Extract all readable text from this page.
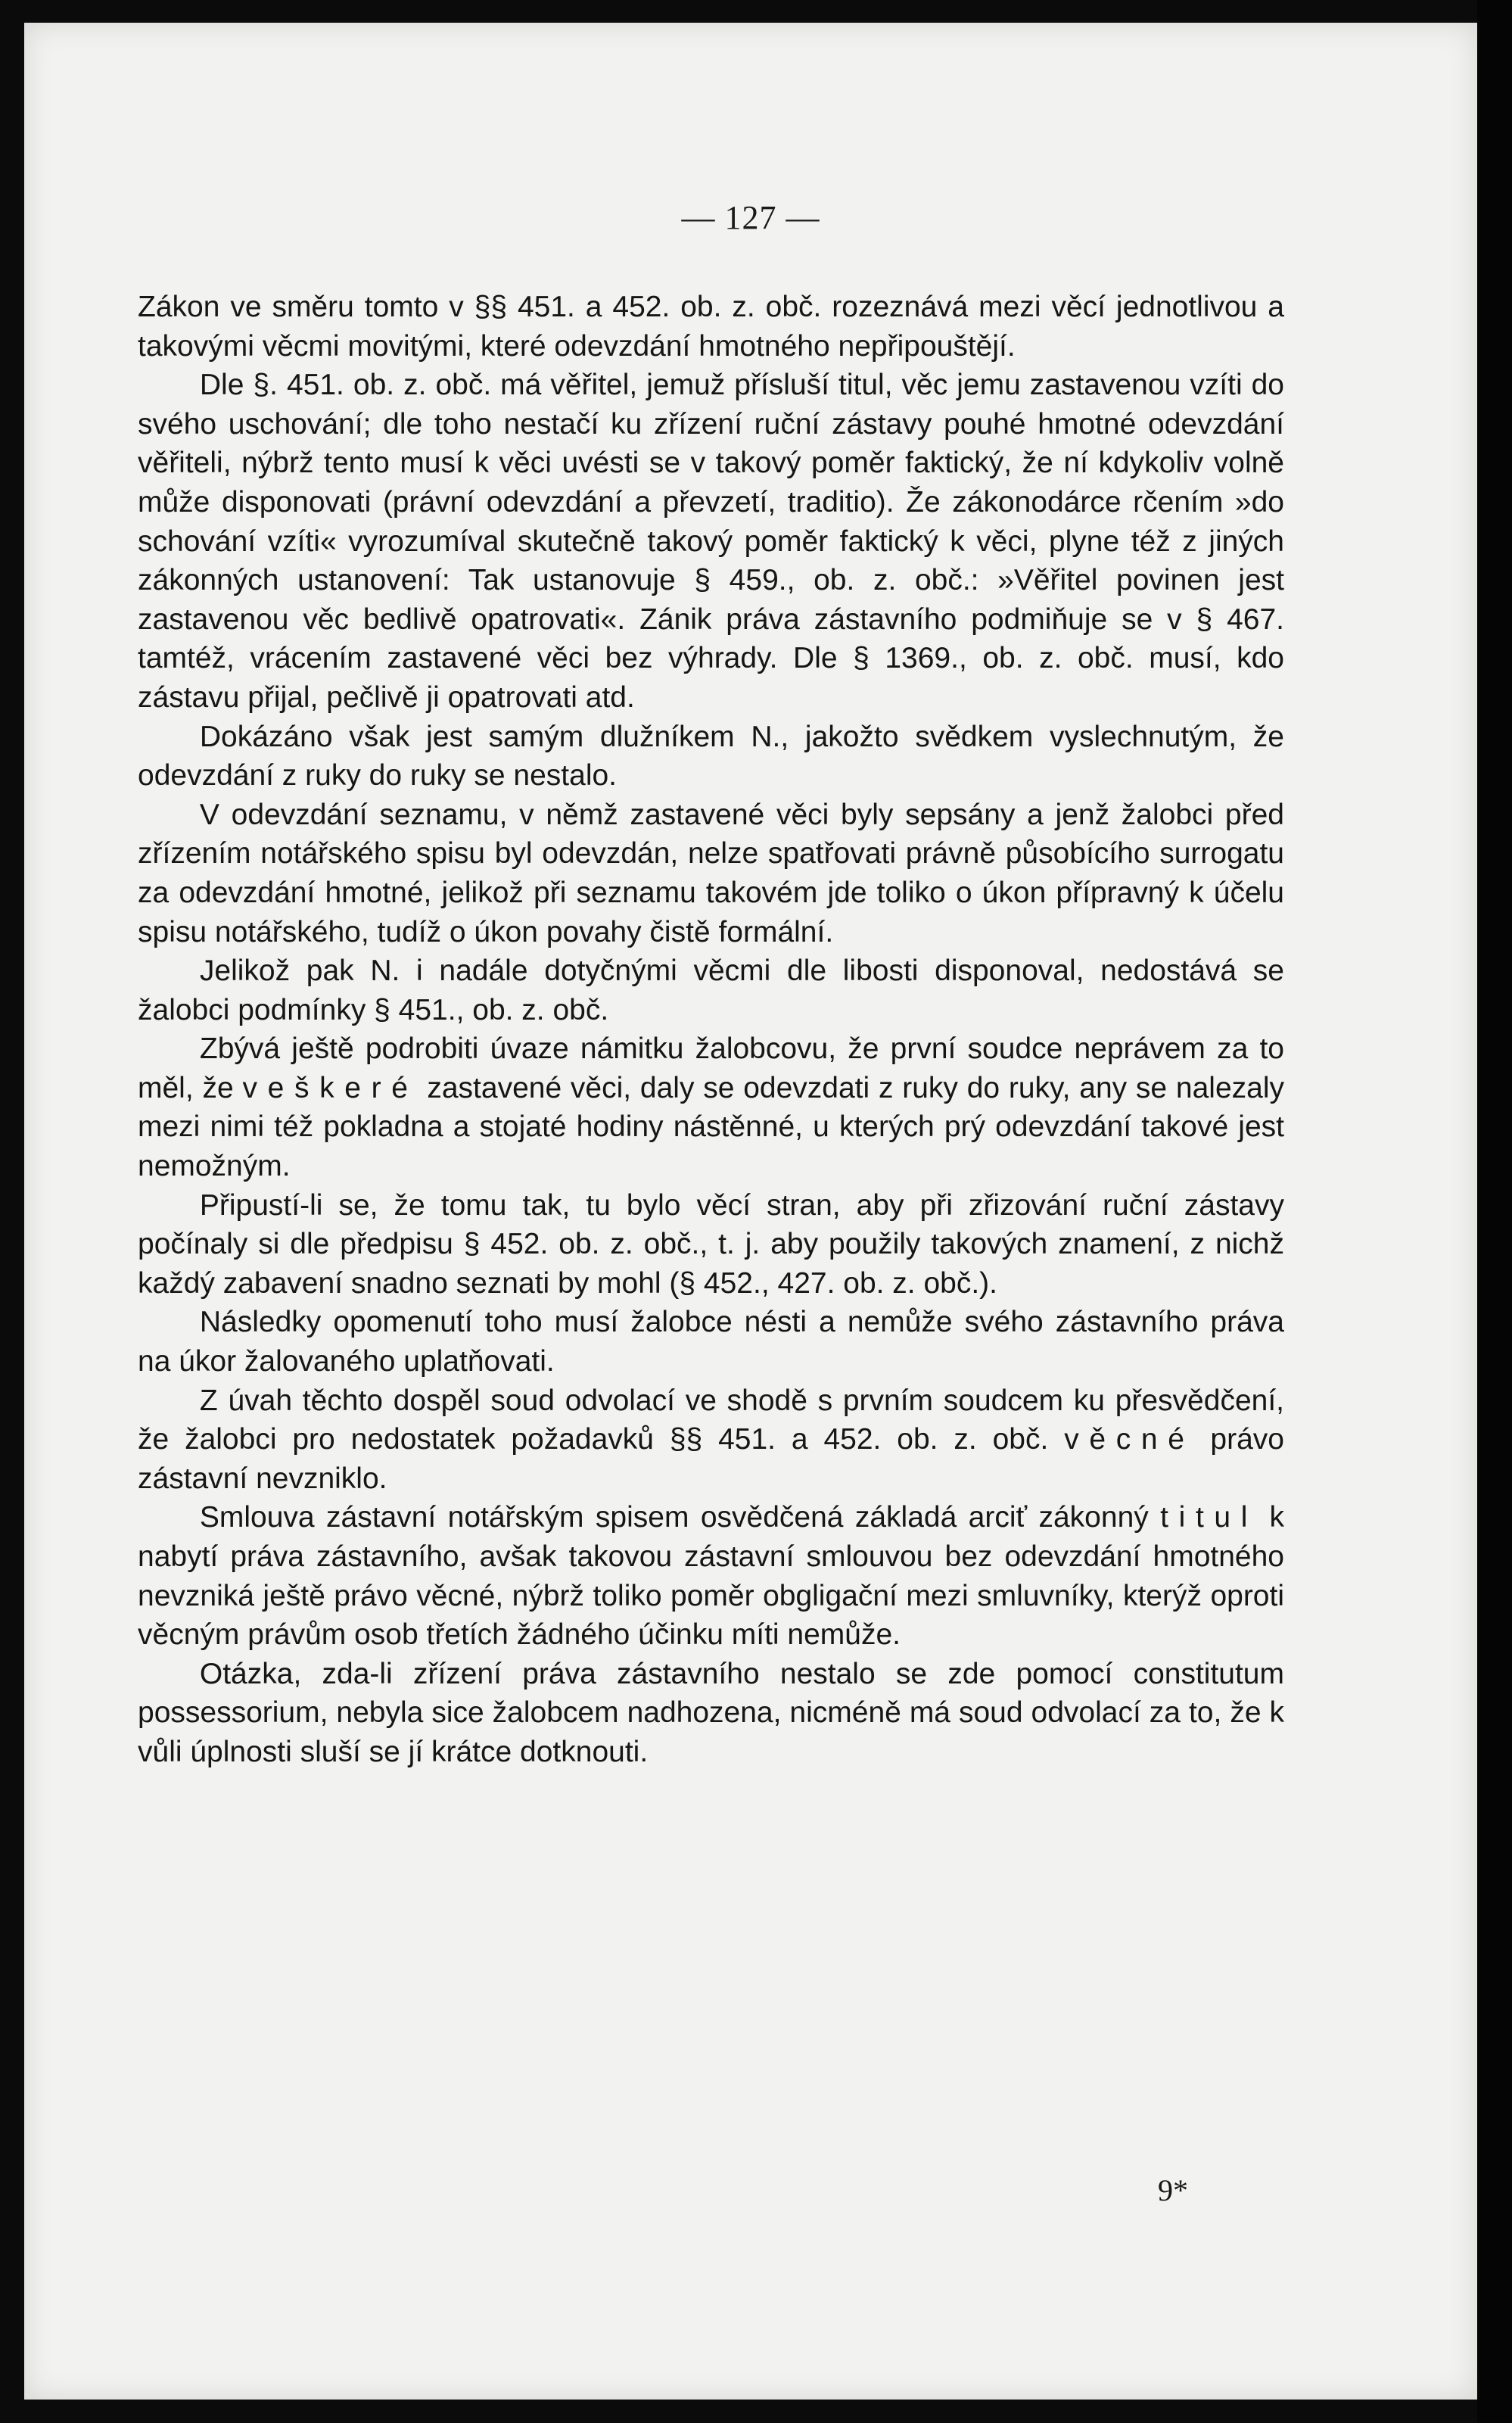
— 127 —

Zákon ve směru tomto v §§ 451. a 452. ob. z. obč. rozeznává mezi věcí jednotlivou a takovými věcmi movitými, které odevzdání hmotného nepřipouštějí.

Dle §. 451. ob. z. obč. má věřitel, jemuž přísluší titul, věc jemu zastavenou vzíti do svého uschování; dle toho nestačí ku zřízení ruční zástavy pouhé hmotné odevzdání věřiteli, nýbrž tento musí k věci uvésti se v takový poměr faktický, že ní kdykoliv volně může disponovati (právní odevzdání a převzetí, traditio). Že zákonodárce rčením »do schování vzíti« vyrozumíval skutečně takový poměr faktický k věci, plyne též z jiných zákonných ustanovení: Tak ustanovuje § 459., ob. z. obč.: »Věřitel povinen jest zastavenou věc bedlivě opatrovati«. Zánik práva zástavního podmiňuje se v § 467. tamtéž, vrácením zastavené věci bez výhrady. Dle § 1369., ob. z. obč. musí, kdo zástavu přijal, pečlivě ji opatrovati atd.

Dokázáno však jest samým dlužníkem N., jakožto svědkem vyslechnutým, že odevzdání z ruky do ruky se nestalo.

V odevzdání seznamu, v němž zastavené věci byly sepsány a jenž žalobci před zřízením notářského spisu byl odevzdán, nelze spatřovati právně působícího surrogatu za odevzdání hmotné, jelikož při seznamu takovém jde toliko o úkon přípravný k účelu spisu notářského, tudíž o úkon povahy čistě formální.

Jelikož pak N. i nadále dotyčnými věcmi dle libosti disponoval, nedostává se žalobci podmínky § 451., ob. z. obč.

Zbývá ještě podrobiti úvaze námitku žalobcovu, že první soudce neprávem za to měl, že veškeré zastavené věci, daly se odevzdati z ruky do ruky, any se nalezaly mezi nimi též pokladna a stojaté hodiny nástěnné, u kterých prý odevzdání takové jest nemožným.

Připustí-li se, že tomu tak, tu bylo věcí stran, aby při zřizování ruční zástavy počínaly si dle předpisu § 452. ob. z. obč., t. j. aby použily takových znamení, z nichž každý zabavení snadno seznati by mohl (§ 452., 427. ob. z. obč.).

Následky opomenutí toho musí žalobce nésti a nemůže svého zástavního práva na úkor žalovaného uplatňovati.

Z úvah těchto dospěl soud odvolací ve shodě s prvním soudcem ku přesvědčení, že žalobci pro nedostatek požadavků §§ 451. a 452. ob. z. obč. věcné právo zástavní nevzniklo.

Smlouva zástavní notářským spisem osvědčená základá arciť zákonný titul k nabytí práva zástavního, avšak takovou zástavní smlouvou bez odevzdání hmotného nevzniká ještě právo věcné, nýbrž toliko poměr obgligační mezi smluvníky, kterýž oproti věcným právům osob třetích žádného účinku míti nemůže.

Otázka, zda-li zřízení práva zástavního nestalo se zde pomocí constitutum possessorium, nebyla sice žalobcem nadhozena, nicméně má soud odvolací za to, že k vůli úplnosti sluší se jí krátce dotknouti.

9*
